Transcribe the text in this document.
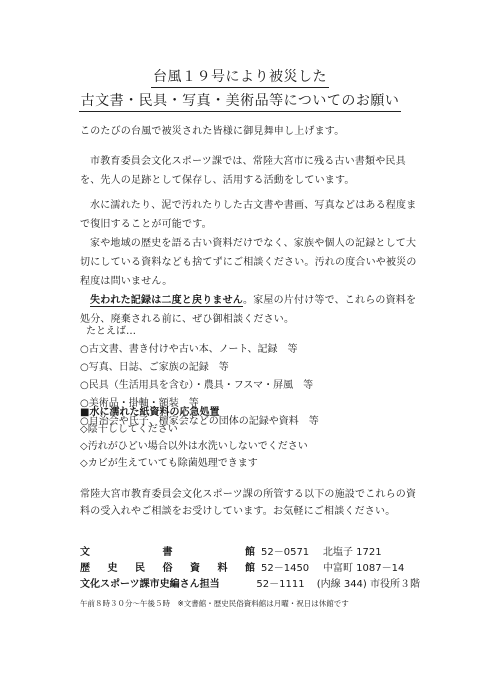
台風１９号により被災した
古文書・民具・写真・美術品等についてのお願い

このたびの台風で被災された皆様に御見舞申し上げます。

市教育委員会文化スポーツ課では、常陸大宮市に残る古い書類や民具を、先人の足跡として保存し、活用する活動をしています。

水に濡れたり、泥で汚れたりした古文書や書画、写真などはある程度まで復旧することが可能です。

家や地域の歴史を語る古い資料だけでなく、家族や個人の記録として大切にしている資料なども捨てずにご相談ください。汚れの度合いや被災の程度は問いません。

失われた記録は二度と戻りません。家屋の片付け等で、これらの資料を処分、廃棄される前に、ぜひ御相談ください。

たとえば…
○古文書、書き付けや古い本、ノート、記録　等
○写真、日誌、ご家族の記録　等
○民具（生活用具を含む）・農具・フスマ・屏風　等
○美術品・掛軸・額装　等
○自治会や氏子、檀家会などの団体の記録や資料　等
■水に濡れた紙資料の応急処置
◇陰干ししてください
◇汚れがひどい場合以外は水洗いしないでください
◇カビが生えていても除菌処理できます

常陸大宮市教育委員会文化スポーツ課の所管する以下の施設でこれらの資料の受入れやご相談をお受けしています。お気軽にご相談ください。

文	書	館 52－0571	北塩子 1721
歴 史 民 俗 資 料 館 52－1450	中富町 1087－14
文化スポーツ課市史編さん担当	52－1111	(内線 344) 市役所３階
午前８時３０分～午後５時　※文書館・歴史民俗資料館は月曜・祝日は休館です
